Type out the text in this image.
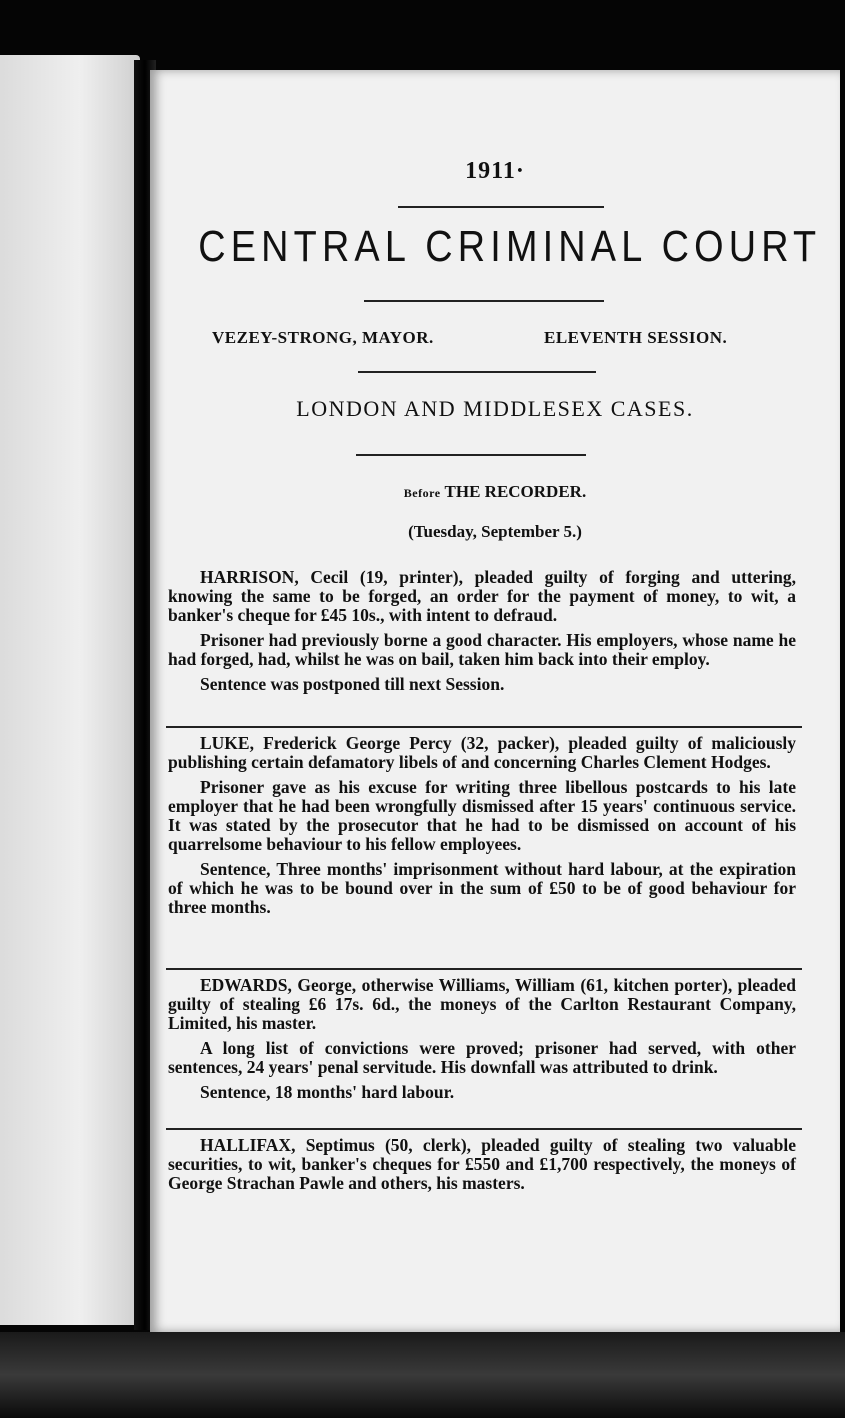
1911·
CENTRAL CRIMINAL COURT
VEZEY-STRONG, MAYOR.	ELEVENTH SESSION.
LONDON AND MIDDLESEX CASES.
Before THE RECORDER.
(Tuesday, September 5.)

HARRISON, Cecil (19, printer), pleaded guilty of forging and uttering, knowing the same to be forged, an order for the payment of money, to wit, a banker's cheque for £45 10s., with intent to defraud.

Prisoner had previously borne a good character. His employers, whose name he had forged, had, whilst he was on bail, taken him back into their employ.

Sentence was postponed till next Session.

LUKE, Frederick George Percy (32, packer), pleaded guilty of maliciously publishing certain defamatory libels of and concerning Charles Clement Hodges.

Prisoner gave as his excuse for writing three libellous postcards to his late employer that he had been wrongfully dismissed after 15 years' continuous service. It was stated by the prosecutor that he had to be dismissed on account of his quarrelsome behaviour to his fellow employees.

Sentence, Three months' imprisonment without hard labour, at the expiration of which he was to be bound over in the sum of £50 to be of good behaviour for three months.

EDWARDS, George, otherwise Williams, William (61, kitchen porter), pleaded guilty of stealing £6 17s. 6d., the moneys of the Carlton Restaurant Company, Limited, his master.

A long list of convictions were proved; prisoner had served, with other sentences, 24 years' penal servitude. His downfall was attributed to drink.

Sentence, 18 months' hard labour.

HALLIFAX, Septimus (50, clerk), pleaded guilty of stealing two valuable securities, to wit, banker's cheques for £550 and £1,700 respectively, the moneys of George Strachan Pawle and others, his masters.
